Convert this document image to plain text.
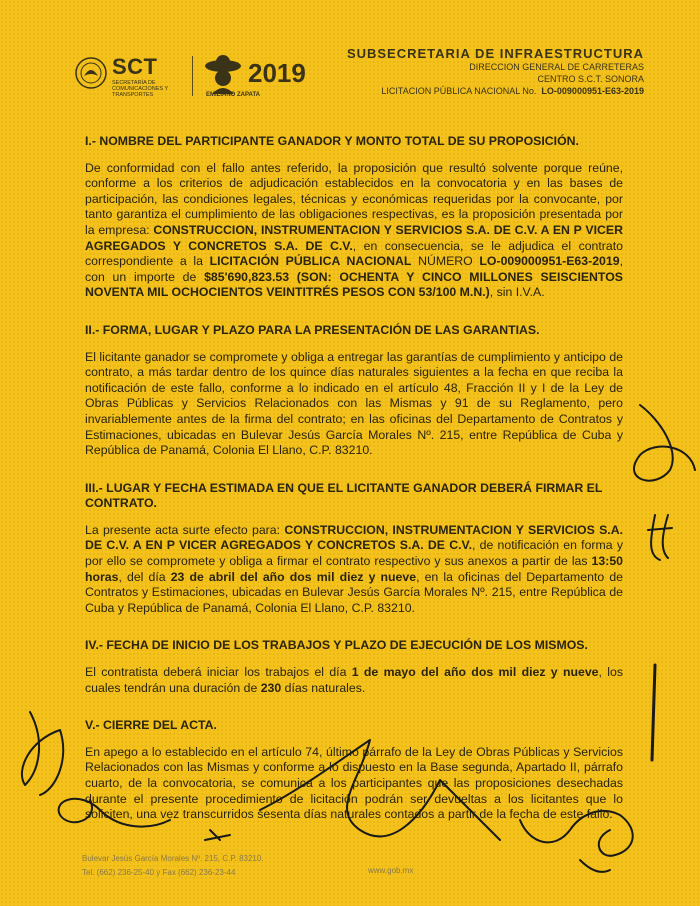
SCT
SECRETARÍA DE COMUNICACIONES Y TRANSPORTES
2019
EMILIANO ZAPATA
SUBSECRETARIA DE INFRAESTRUCTURA
DIRECCION GENERAL DE CARRETERAS
CENTRO S.C.T. SONORA
LICITACION PÚBLICA NACIONAL No. LO-009000951-E63-2019
I.- NOMBRE DEL PARTICIPANTE GANADOR Y MONTO TOTAL DE SU PROPOSICIÓN.
De conformidad con el fallo antes referido, la proposición que resultó solvente porque reúne, conforme a los criterios de adjudicación establecidos en la convocatoria y en las bases de participación, las condiciones legales, técnicas y económicas requeridas por la convocante, por tanto garantiza el cumplimiento de las obligaciones respectivas, es la proposición presentada por la empresa: CONSTRUCCION, INSTRUMENTACION Y SERVICIOS S.A. DE C.V. A EN P VICER AGREGADOS Y CONCRETOS S.A. DE C.V., en consecuencia, se le adjudica el contrato correspondiente a la LICITACIÓN PÚBLICA NACIONAL NÚMERO LO-009000951-E63-2019, con un importe de $85'690,823.53 (SON: OCHENTA Y CINCO MILLONES SEISCIENTOS NOVENTA MIL OCHOCIENTOS VEINTITRÉS PESOS CON 53/100 M.N.), sin I.V.A.
II.- FORMA, LUGAR Y PLAZO PARA LA PRESENTACIÓN DE LAS GARANTIAS.
El licitante ganador se compromete y obliga a entregar las garantías de cumplimiento y anticipo de contrato, a más tardar dentro de los quince días naturales siguientes a la fecha en que reciba la notificación de este fallo, conforme a lo indicado en el artículo 48, Fracción II y I de la Ley de Obras Públicas y Servicios Relacionados con las Mismas y 91 de su Reglamento, pero invariablemente antes de la firma del contrato; en las oficinas del Departamento de Contratos y Estimaciones, ubicadas en Bulevar Jesús García Morales Nº. 215, entre República de Cuba y República de Panamá, Colonia El Llano, C.P. 83210.
III.- LUGAR Y FECHA ESTIMADA EN QUE EL LICITANTE GANADOR DEBERÁ FIRMAR EL CONTRATO.
La presente acta surte efecto para: CONSTRUCCION, INSTRUMENTACION Y SERVICIOS S.A. DE C.V. A EN P VICER AGREGADOS Y CONCRETOS S.A. DE C.V., de notificación en forma y por ello se compromete y obliga a firmar el contrato respectivo y sus anexos a partir de las 13:50 horas, del día 23 de abril del año dos mil diez y nueve, en la oficinas del Departamento de Contratos y Estimaciones, ubicadas en Bulevar Jesús García Morales Nº. 215, entre República de Cuba y República de Panamá, Colonia El Llano, C.P. 83210.
IV.- FECHA DE INICIO DE LOS TRABAJOS Y PLAZO DE EJECUCIÓN DE LOS MISMOS.
El contratista deberá iniciar los trabajos el día 1 de mayo del año dos mil diez y nueve, los cuales tendrán una duración de 230 días naturales.
V.- CIERRE DEL ACTA.
En apego a lo establecido en el artículo 74, último párrafo de la Ley de Obras Públicas y Servicios Relacionados con las Mismas y conforme a lo dispuesto en la Base segunda, Apartado II, párrafo cuarto, de la convocatoria, se comunica a los participantes que las proposiciones desechadas durante el presente procedimiento de licitación podrán ser devueltas a los licitantes que lo soliciten, una vez transcurridos sesenta días naturales contados a partir de la fecha de este fallo.
Bulevar Jesús García Morales Nº. 215, C.P. 83210.
Tel. (662) 236-25-40 y Fax (662) 236-23-44	www.gob.mx
